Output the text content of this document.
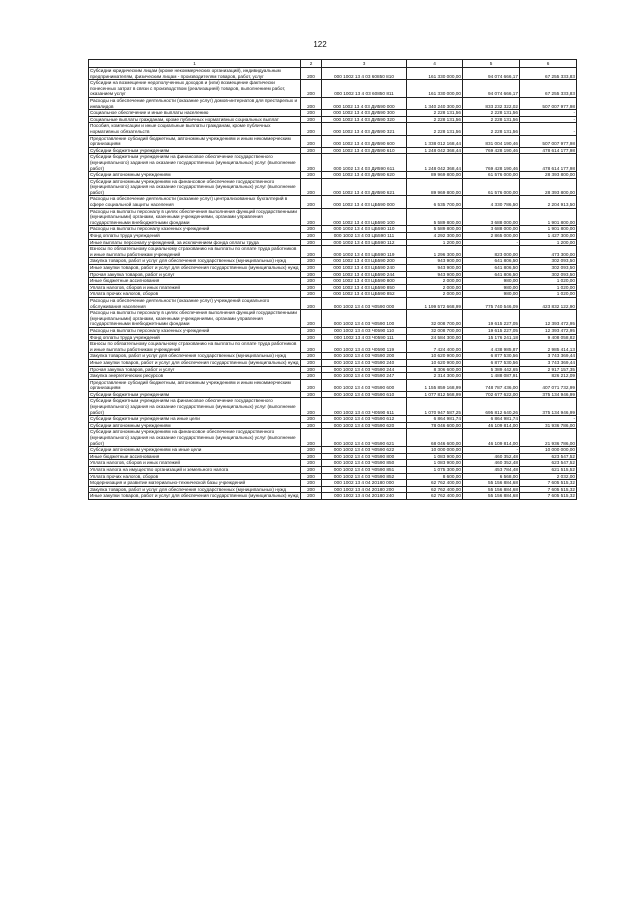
122
1	2	3	4	5	6
Субсидии юридическим лицам (кроме некоммерческих организаций), индивидуальным предпринимателям, физическим лицам - производителям товаров, работ, услуг	200	000 1002 13 4 03 60850 810	161 330 000,00	94 074 666,17	67 255 333,83
Субсидии на возмещение недополученных доходов и (или) возмещение фактически понесенных затрат в связи с производством (реализацией) товаров, выполнением работ, оказанием услуг	200	000 1002 13 4 03 60850 811	161 330 000,00	94 074 666,17	67 255 333,83
Расходы на обеспечение деятельности (оказание услуг) домов-интернатов для престарелых и инвалидов	200	000 1002 13 4 03 ДИ590 000	1 340 240 300,00	833 232 322,02	507 007 977,98
Социальное обеспечение и иные выплаты населению	200	000 1002 13 4 03 ДИ590 300	2 228 131,56	2 228 131,56	-
Социальные выплаты гражданам, кроме публичных нормативных социальных выплат	200	000 1002 13 4 03 ДИ590 320	2 228 131,56	2 228 131,56	-
Пособия, компенсации и иные социальные выплаты гражданам, кроме публичных нормативных обязательств	200	000 1002 13 4 03 ДИ590 321	2 228 131,56	2 228 131,56	-
Предоставление субсидий бюджетным, автономным учреждениям и иным некоммерческим организациям	200	000 1002 13 4 03 ДИ590 600	1 338 012 168,44	831 004 190,46	507 007 977,98
Субсидии бюджетным учреждениям	200	000 1002 13 4 03 ДИ590 610	1 248 042 368,44	769 428 190,46	478 614 177,98
Субсидии бюджетным учреждениям на финансовое обеспечение государственного (муниципального) задания на оказание государственных (муниципальных) услуг (выполнение работ)	200	000 1002 13 4 03 ДИ590 611	1 248 042 368,44	769 428 190,46	478 614 177,98
Субсидии автономным учреждениям	200	000 1002 13 4 03 ДИ590 620	89 969 800,00	61 576 000,00	28 393 800,00
Субсидии автономным учреждениям на финансовое обеспечение государственного (муниципального) задания на оказание государственных (муниципальных) услуг (выполнение работ)	200	000 1002 13 4 03 ДИ590 621	89 969 800,00	61 576 000,00	28 393 800,00
Расходы на обеспечение деятельности (оказание услуг) централизованных бухгалтерий в сфере социальной защиты населения	200	000 1002 13 4 03 ЦБ590 000	6 535 700,00	4 330 786,50	2 204 913,50
Расходы на выплаты персоналу в целях обеспечения выполнения функций государственными (муниципальными) органами, казенными учреждениями, органами управления государственными внебюджетными фондами	200	000 1002 13 4 03 ЦБ590 100	5 589 800,00	3 688 000,00	1 901 800,00
Расходы на выплаты персоналу казенных учреждений	200	000 1002 13 4 03 ЦБ590 110	5 589 800,00	3 688 000,00	1 901 800,00
Фонд оплаты труда учреждений	200	000 1002 13 4 03 ЦБ590 111	4 292 300,00	2 865 000,00	1 427 300,00
Иные выплаты персоналу учреждений, за исключением фонда оплаты труда	200	000 1002 13 4 03 ЦБ590 112	1 200,00	-	1 200,00
Взносы по обязательному социальному страхованию на выплаты по оплате труда работников и иные выплаты работникам учреждений	200	000 1002 13 4 03 ЦБ590 119	1 296 300,00	823 000,00	473 300,00
Закупка товаров, работ и услуг для обеспечения государственных (муниципальных) нужд	200	000 1002 13 4 03 ЦБ590 200	943 900,00	641 806,50	302 093,50
Иные закупки товаров, работ и услуг для обеспечения государственных (муниципальных) нужд	200	000 1002 13 4 03 ЦБ590 240	943 900,00	641 806,50	302 093,50
Прочая закупка товаров, работ и услуг	200	000 1002 13 4 03 ЦБ590 244	943 900,00	641 806,50	302 093,50
Иные бюджетные ассигнования	200	000 1002 13 4 03 ЦБ590 800	2 000,00	980,00	1 020,00
Уплата налогов, сборов и иных платежей	200	000 1002 13 4 03 ЦБ590 850	2 000,00	980,00	1 020,00
Уплата прочих налогов, сборов	200	000 1002 13 4 03 ЦБ590 852	2 000,00	980,00	1 020,00
Расходы на обеспечение деятельности (оказание услуг) учреждений социального обслуживания населения	200	000 1002 13 4 03 Ч0590 000	1 199 572 668,99	775 740 546,09	423 832 122,90
Расходы на выплаты персоналу в целях обеспечения выполнения функций государственными (муниципальными) органами, казенными учреждениями, органами управления государственными внебюджетными фондами	200	000 1002 13 4 03 Ч0590 100	32 008 700,00	19 615 227,05	12 393 472,95
Расходы на выплаты персоналу казенных учреждений	200	000 1002 13 4 03 Ч0590 110	32 008 700,00	19 615 227,05	12 393 472,95
Фонд оплаты труда учреждений	200	000 1002 13 4 03 Ч0590 111	24 584 300,00	15 176 241,18	9 408 058,82
Взносы по обязательному социальному страхованию на выплаты по оплате труда работников и иные выплаты работникам учреждений	200	000 1002 13 4 03 Ч0590 119	7 424 400,00	4 438 985,87	2 985 414,13
Закупка товаров, работ и услуг для обеспечения государственных (муниципальных) нужд	200	000 1002 13 4 03 Ч0590 200	10 620 900,00	6 877 530,56	3 743 369,44
Иные закупки товаров, работ и услуг для обеспечения государственных (муниципальных) нужд	200	000 1002 13 4 03 Ч0590 240	10 620 900,00	6 877 530,56	3 743 369,44
Прочая закупка товаров, работ и услуг	200	000 1002 13 4 03 Ч0590 244	8 306 600,00	5 389 442,65	2 917 157,35
Закупка энергетических ресурсов	200	000 1002 13 4 03 Ч0590 247	2 314 300,00	1 488 087,91	826 212,09
Предоставление субсидий бюджетным, автономным учреждениям и иным некоммерческим организациям	200	000 1002 13 4 03 Ч0590 600	1 155 859 168,99	748 787 436,00	407 071 732,99
Субсидии бюджетным учреждениям	200	000 1002 13 4 03 Ч0590 610	1 077 812 568,99	702 677 622,00	375 134 946,99
Субсидии бюджетным учреждениям на финансовое обеспечение государственного (муниципального) задания на оказание государственных (муниципальных) услуг (выполнение работ)	200	000 1002 13 4 03 Ч0590 611	1 070 947 587,25	695 812 640,26	375 134 946,99
Субсидии бюджетным учреждениям на иные цели	200	000 1002 13 4 03 Ч0590 612	6 864 981,74	6 864 981,74	-
Субсидии автономным учреждениям	200	000 1002 13 4 03 Ч0590 620	78 046 600,00	46 109 814,00	31 936 786,00
Субсидии автономным учреждениям на финансовое обеспечение государственного (муниципального) задания на оказание государственных (муниципальных) услуг (выполнение работ)	200	000 1002 13 4 03 Ч0590 621	68 046 600,00	46 109 814,00	21 936 786,00
Субсидии автономным учреждениям на иные цели	200	000 1002 13 4 03 Ч0590 622	10 000 000,00	-	10 000 000,00
Иные бюджетные ассигнования	200	000 1002 13 4 03 Ч0590 800	1 083 900,00	460 352,48	623 547,52
Уплата налогов, сборов и иных платежей	200	000 1002 13 4 03 Ч0590 850	1 083 900,00	460 352,48	623 547,52
Уплата налога на имущество организаций и земельного налога	200	000 1002 13 4 03 Ч0590 851	1 075 300,00	453 784,48	621 515,52
Уплата прочих налогов, сборов	200	000 1002 13 4 03 Ч0590 852	8 600,00	6 568,00	2 032,00
Модернизация и развитие материально-технической базы учреждений	200	000 1002 13 4 04 20180 000	62 762 400,00	55 156 884,68	7 605 515,32
Закупка товаров, работ и услуг для обеспечения государственных (муниципальных) нужд	200	000 1002 13 4 04 20180 200	62 762 400,00	55 156 884,68	7 605 515,32
Иные закупки товаров, работ и услуг для обеспечения государственных (муниципальных) нужд	200	000 1002 13 4 04 20180 240	62 762 400,00	55 156 884,68	7 605 515,32
